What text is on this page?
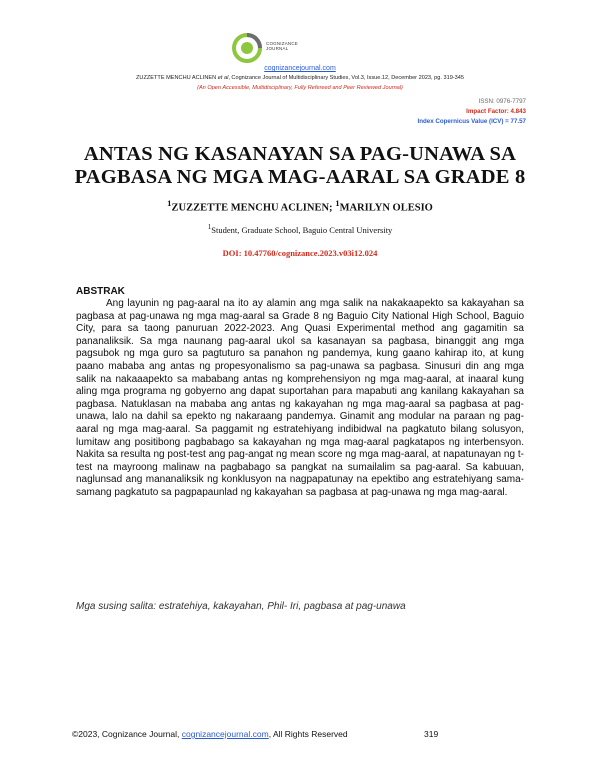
COGNIZANCE
JOURNAL
cognizancejournal.com
ZUZZETTE MENCHU ACLINEN et al, Cognizance Journal of Multidisciplinary Studies, Vol.3, Issue.12, December 2023, pg. 319-345
(An Open Accessible, Multidisciplinary, Fully Refereed and Peer Reviewed Journal)
ISSN: 0976-7797
Impact Factor: 4.843
Index Copernicus Value (ICV) = 77.57
ANTAS NG KASANAYAN SA PAG-UNAWA SA
PAGBASA NG MGA MAG-AARAL SA GRADE 8
$^1$ZUZZETTE MENCHU ACLINEN; $^1$MARILYN OLESIO
$^1$Student, Graduate School, Baguio Central University
DOI: 10.47760/cognizance.2023.v03i12.024
ABSTRAK

Ang layunin ng pag-aaral na ito ay alamin ang mga salik na nakakaapekto sa kakayahan sa pagbasa at pag-unawa ng mga mag-aaral sa Grade 8 ng Baguio City National High School, Baguio City, para sa taong panuruan 2022-2023. Ang Quasi Experimental method ang gagamitin sa pananaliksik. Sa mga naunang pag-aaral ukol sa kasanayan sa pagbasa, binanggit ang mga pagsubok ng mga guro sa pagtuturo sa panahon ng pandemya, kung gaano kahirap ito, at kung paano mababa ang antas ng propesyonalismo sa pag-unawa sa pagbasa. Sinusuri din ang mga salik na nakaaapekto sa mababang antas ng komprehensiyon ng mga mag-aaral, at inaaral kung aling mga programa ng gobyerno ang dapat suportahan para mapabuti ang kanilang kakayahan sa pagbasa. Natuklasan na mababa ang antas ng kakayahan ng mga mag-aaral sa pagbasa at pag-unawa, lalo na dahil sa epekto ng nakaraang pandemya. Ginamit ang modular na paraan ng pag-aaral ng mga mag-aaral. Sa paggamit ng estratehiyang indibidwal na pagkatuto bilang solusyon, lumitaw ang positibong pagbabago sa kakayahan ng mga mag-aaral pagkatapos ng interbensyon. Nakita sa resulta ng post-test ang pag-angat ng mean score ng mga mag-aaral, at napatunayan ng t-test na mayroong malinaw na pagbabago sa pangkat na sumailalim sa pag-aaral. Sa kabuuan, naglunsad ang mananaliksik ng konklusyon na nagpapatunay na epektibo ang estratehiyang sama-samang pagkatuto sa pagpapaunlad ng kakayahan sa pagbasa at pag-unawa ng mga mag-aaral.

Mga susing salita: estratehiya, kakayahan, Phil- Iri, pagbasa at pag-unawa
©2023, Cognizance Journal, cognizancejournal.com, All Rights Reserved	319
